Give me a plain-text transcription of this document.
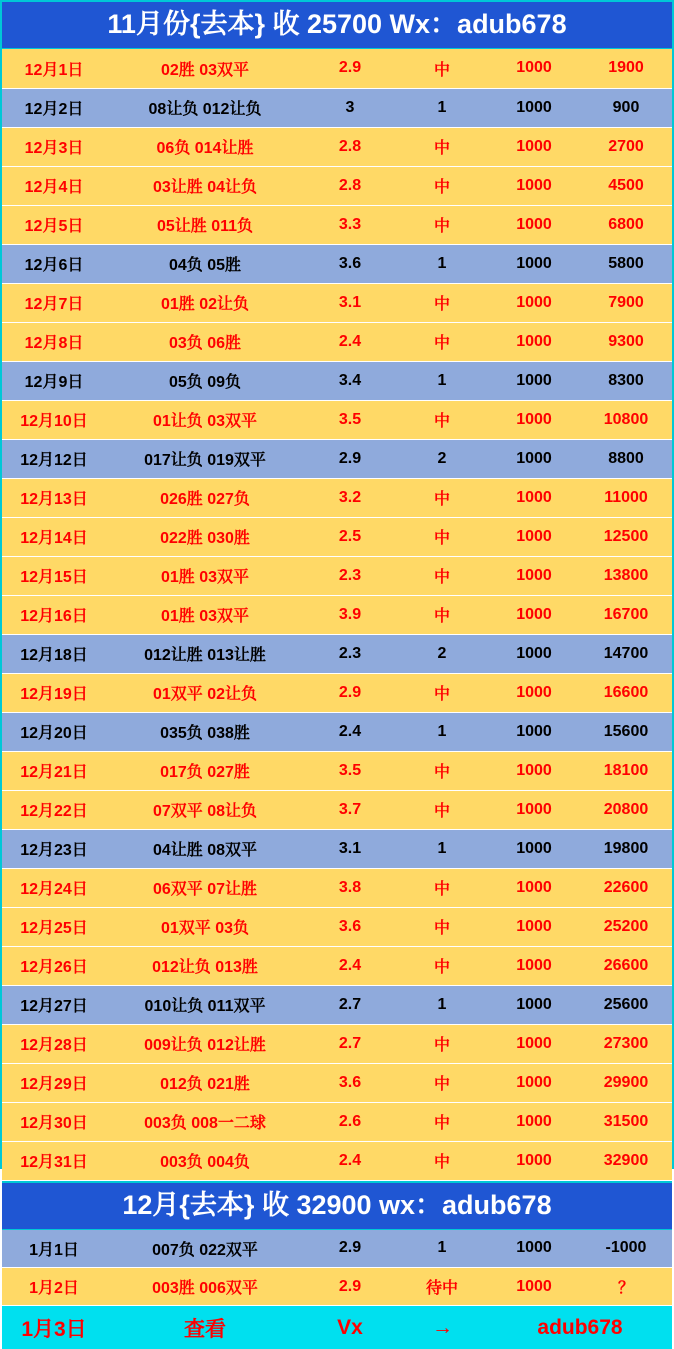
11月份{去本} 收 25700 Wx：adub678
12月1日	02胜 03双平	2.9	中	1000	1900
12月2日	08让负 012让负	3	1	1000	900
12月3日	06负 014让胜	2.8	中	1000	2700
12月4日	03让胜 04让负	2.8	中	1000	4500
12月5日	05让胜 011负	3.3	中	1000	6800
12月6日	04负 05胜	3.6	1	1000	5800
12月7日	01胜 02让负	3.1	中	1000	7900
12月8日	03负 06胜	2.4	中	1000	9300
12月9日	05负 09负	3.4	1	1000	8300
12月10日	01让负 03双平	3.5	中	1000	10800
12月12日	017让负 019双平	2.9	2	1000	8800
12月13日	026胜 027负	3.2	中	1000	11000
12月14日	022胜 030胜	2.5	中	1000	12500
12月15日	01胜 03双平	2.3	中	1000	13800
12月16日	01胜 03双平	3.9	中	1000	16700
12月18日	012让胜 013让胜	2.3	2	1000	14700
12月19日	01双平 02让负	2.9	中	1000	16600
12月20日	035负 038胜	2.4	1	1000	15600
12月21日	017负 027胜	3.5	中	1000	18100
12月22日	07双平 08让负	3.7	中	1000	20800
12月23日	04让胜 08双平	3.1	1	1000	19800
12月24日	06双平 07让胜	3.8	中	1000	22600
12月25日	01双平 03负	3.6	中	1000	25200
12月26日	012让负 013胜	2.4	中	1000	26600
12月27日	010让负 011双平	2.7	1	1000	25600
12月28日	009让负 012让胜	2.7	中	1000	27300
12月29日	012负 021胜	3.6	中	1000	29900
12月30日	003负 008一二球	2.6	中	1000	31500
12月31日	003负 004负	2.4	中	1000	32900
12月{去本} 收 32900 wx：adub678
1月1日	007负 022双平	2.9	1	1000	-1000
1月2日	003胜 006双平	2.9	待中	1000	？
1月3日	查看	Vx	→	adub678
